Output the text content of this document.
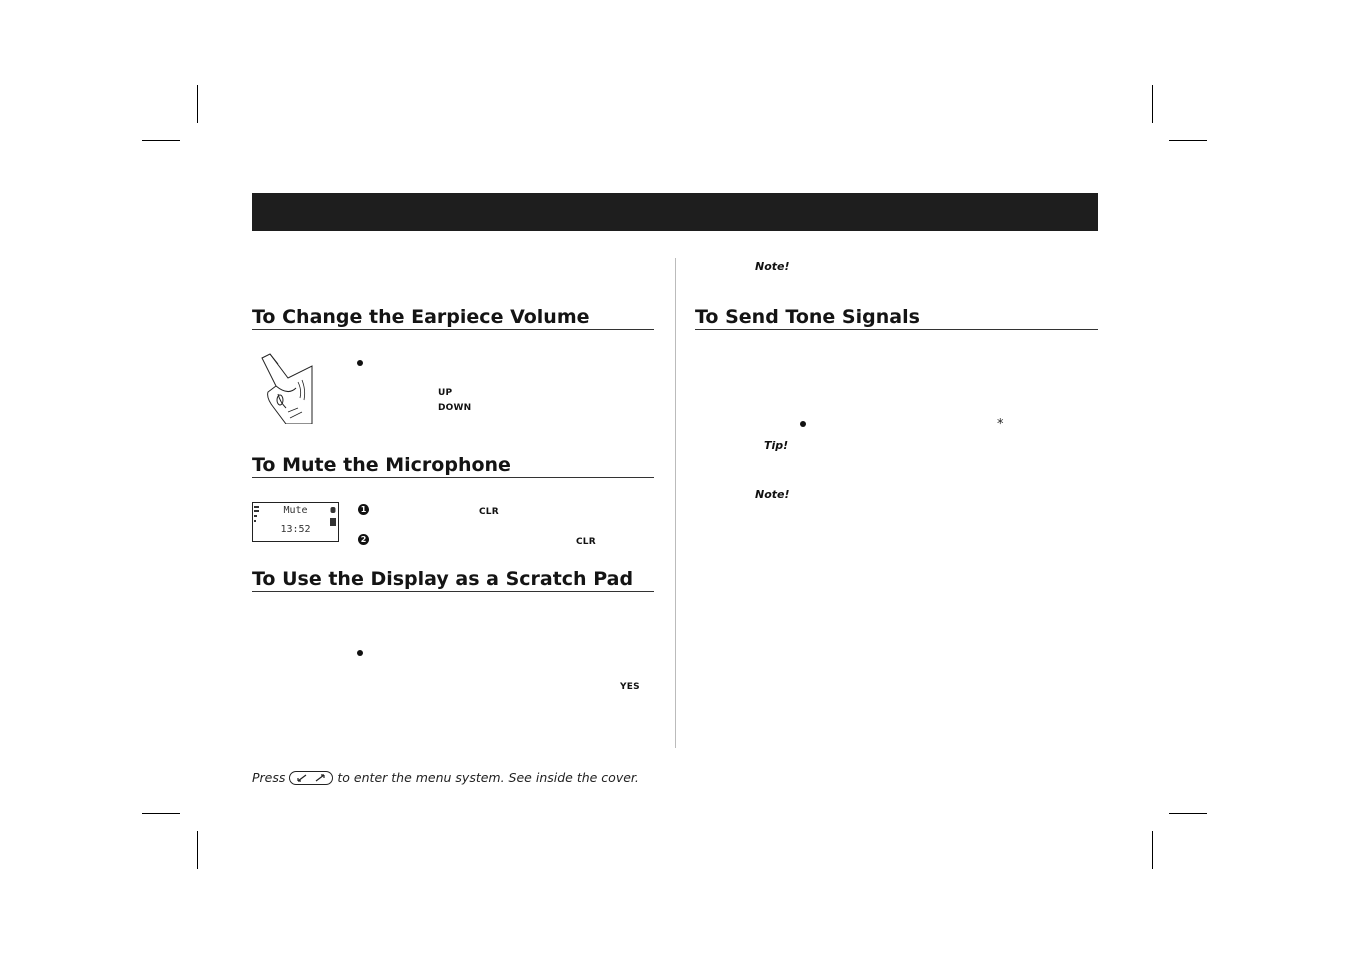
To Change the Earpiece Volume
UP
DOWN
To Mute the Microphone
Mute
13:52
1	CLR
2	CLR
To Use the Display as a Scratch Pad
YES
Note!
To Send Tone Signals
*
Tip!
Note!
Press	to enter the menu system. See inside the cover.
